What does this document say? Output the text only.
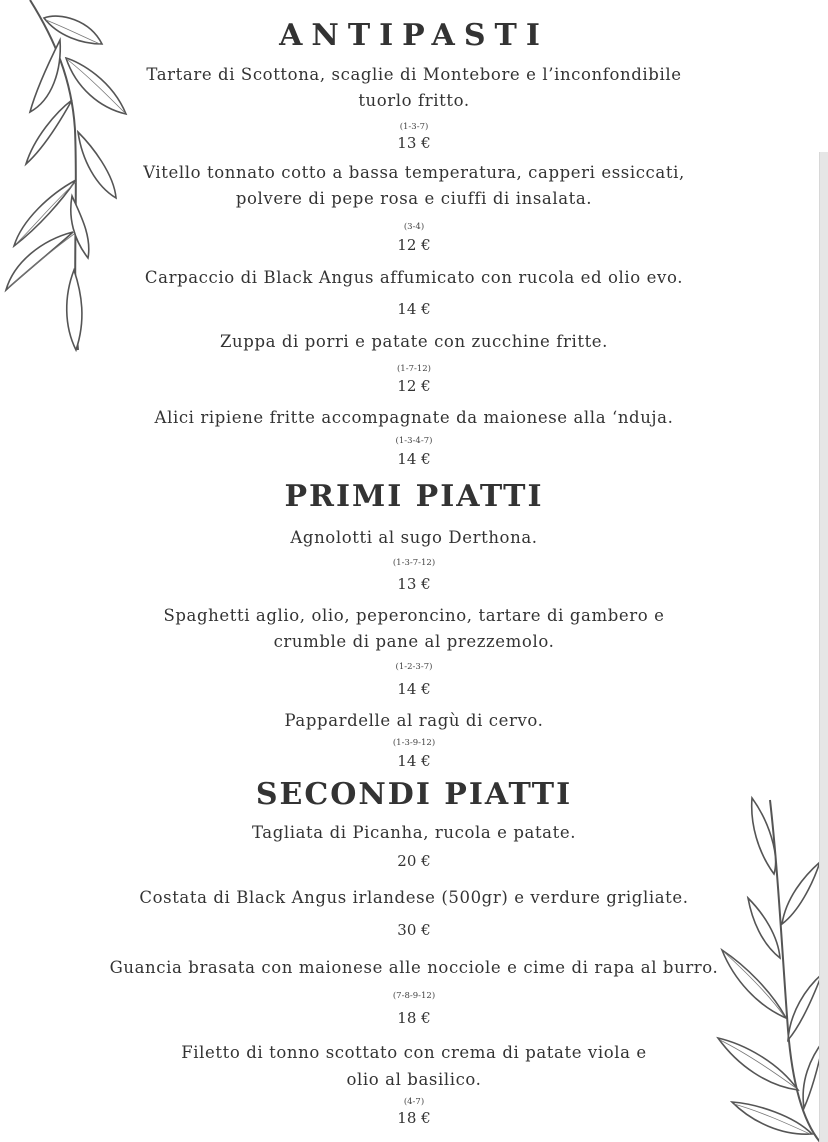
ANTIPASTI
Tartare di Scottona, scaglie di Montebore e l’inconfondibile
tuorlo fritto.
(1-3-7)
13 €
Vitello tonnato cotto a bassa temperatura, capperi essiccati,
polvere di pepe rosa e ciuffi di insalata.
(3-4)
12 €
Carpaccio di Black Angus affumicato con rucola ed olio evo.
14 €
Zuppa di porri e patate con zucchine fritte.
(1-7-12)
12 €
Alici ripiene fritte accompagnate da maionese alla ‘nduja.
(1-3-4-7)
14 €
PRIMI PIATTI
Agnolotti al sugo Derthona.
(1-3-7-12)
13 €
Spaghetti aglio, olio, peperoncino, tartare di gambero e
crumble di pane al prezzemolo.
(1-2-3-7)
14 €
Pappardelle al ragù di cervo.
(1-3-9-12)
14 €
SECONDI PIATTI
Tagliata di Picanha, rucola e patate.
20 €
Costata di Black Angus irlandese (500gr) e verdure grigliate.
30 €
Guancia brasata con maionese alle nocciole e cime di rapa al burro.
(7-8-9-12)
18 €
Filetto di tonno scottato con crema di patate viola e
olio al basilico.
(4-7)
18 €
